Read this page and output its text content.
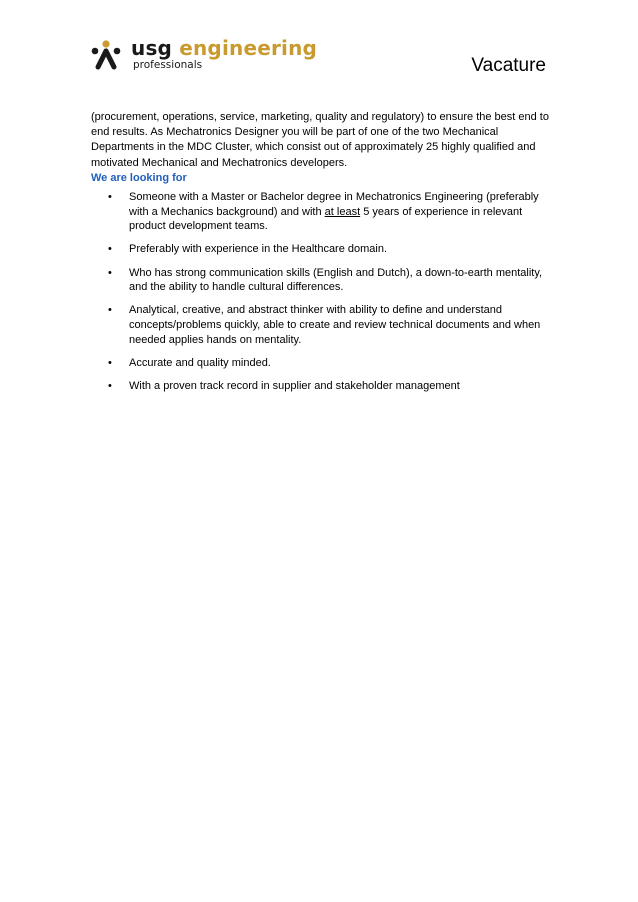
usg engineering
professionals	Vacature

(procurement, operations, service, marketing, quality and regulatory) to ensure the best end to end results. As Mechatronics Designer you will be part of one of the two Mechanical Departments in the MDC Cluster, which consist out of approximately 25 highly qualified and motivated Mechanical and Mechatronics developers.

We are looking for
• Someone with a Master or Bachelor degree in Mechatronics Engineering (preferably with a Mechanics background) and with at least 5 years of experience in relevant product development teams.
• Preferably with experience in the Healthcare domain.
• Who has strong communication skills (English and Dutch), a down-to-earth mentality, and the ability to handle cultural differences.
• Analytical, creative, and abstract thinker with ability to define and understand concepts/problems quickly, able to create and review technical documents and when needed applies hands on mentality.
• Accurate and quality minded.
• With a proven track record in supplier and stakeholder management
